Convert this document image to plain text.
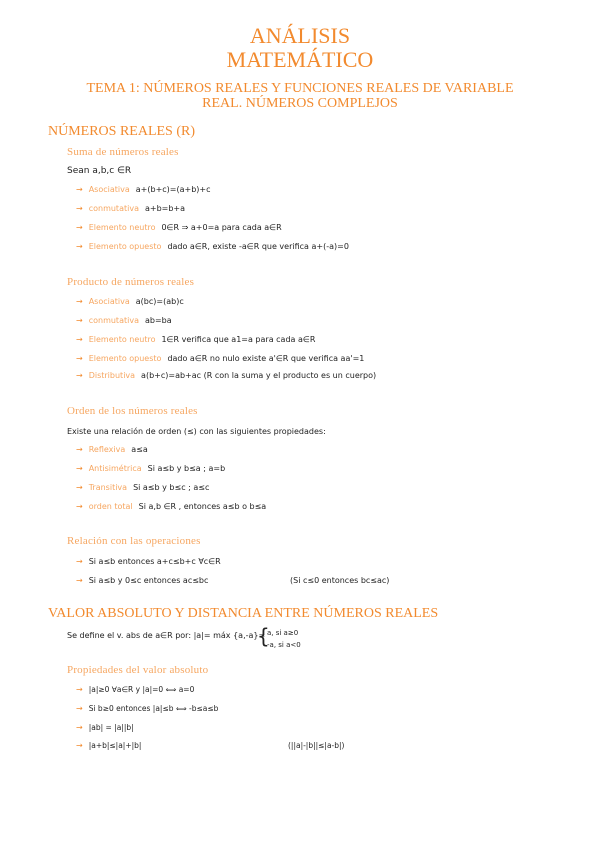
ANÁLISIS
MATEMÁTICO
TEMA 1: NÚMEROS REALES Y FUNCIONES REALES DE VARIABLE
REAL. NÚMEROS COMPLEJOS
NÚMEROS REALES (R)
Suma de números reales
Sean a,b,c ∈R
→ Asociativa a+(b+c)=(a+b)+c
→ conmutativa a+b=b+a
→ Elemento neutro 0∈R ⇒ a+0=a para cada a∈R
→ Elemento opuesto dado a∈R, existe -a∈R que verifica a+(-a)=0
Producto de números reales
→ Asociativa a(bc)=(ab)c
→ conmutativa ab=ba
→ Elemento neutro 1∈R verifica que a1=a para cada a∈R
→ Elemento opuesto dado a∈R no nulo existe a'∈R que verifica aa'=1
→ Distributiva a(b+c)=ab+ac (R con la suma y el producto es un cuerpo)
Orden de los números reales
Existe una relación de orden (≤) con las siguientes propiedades:
→ Reflexiva a≤a
→ Antisimétrica Si a≤b y b≤a ; a=b
→ Transitiva Si a≤b y b≤c ; a≤c
→ orden total Si a,b ∈R , entonces a≤b o b≤a
Relación con las operaciones
→ Si a≤b entonces a+c≤b+c ∀c∈R
→ Si a≤b y 0≤c entonces ac≤bc	(Si c≤0 entonces bc≤ac)
VALOR ABSOLUTO Y DISTANCIA ENTRE NÚMEROS REALES
Se define el v. abs de a∈R por: |a|= máx {a,-a}=
{
a, si a≥0
-a, si a<0
Propiedades del valor absoluto
→ |a|≥0 ∀a∈R y |a|=0 ⟺ a=0
→ Si b≥0 entonces |a|≤b ⟺ -b≤a≤b
→ |ab| = |a||b|
→ |a+b|≤|a|+|b|	(||a|-|b||≤|a-b|)
